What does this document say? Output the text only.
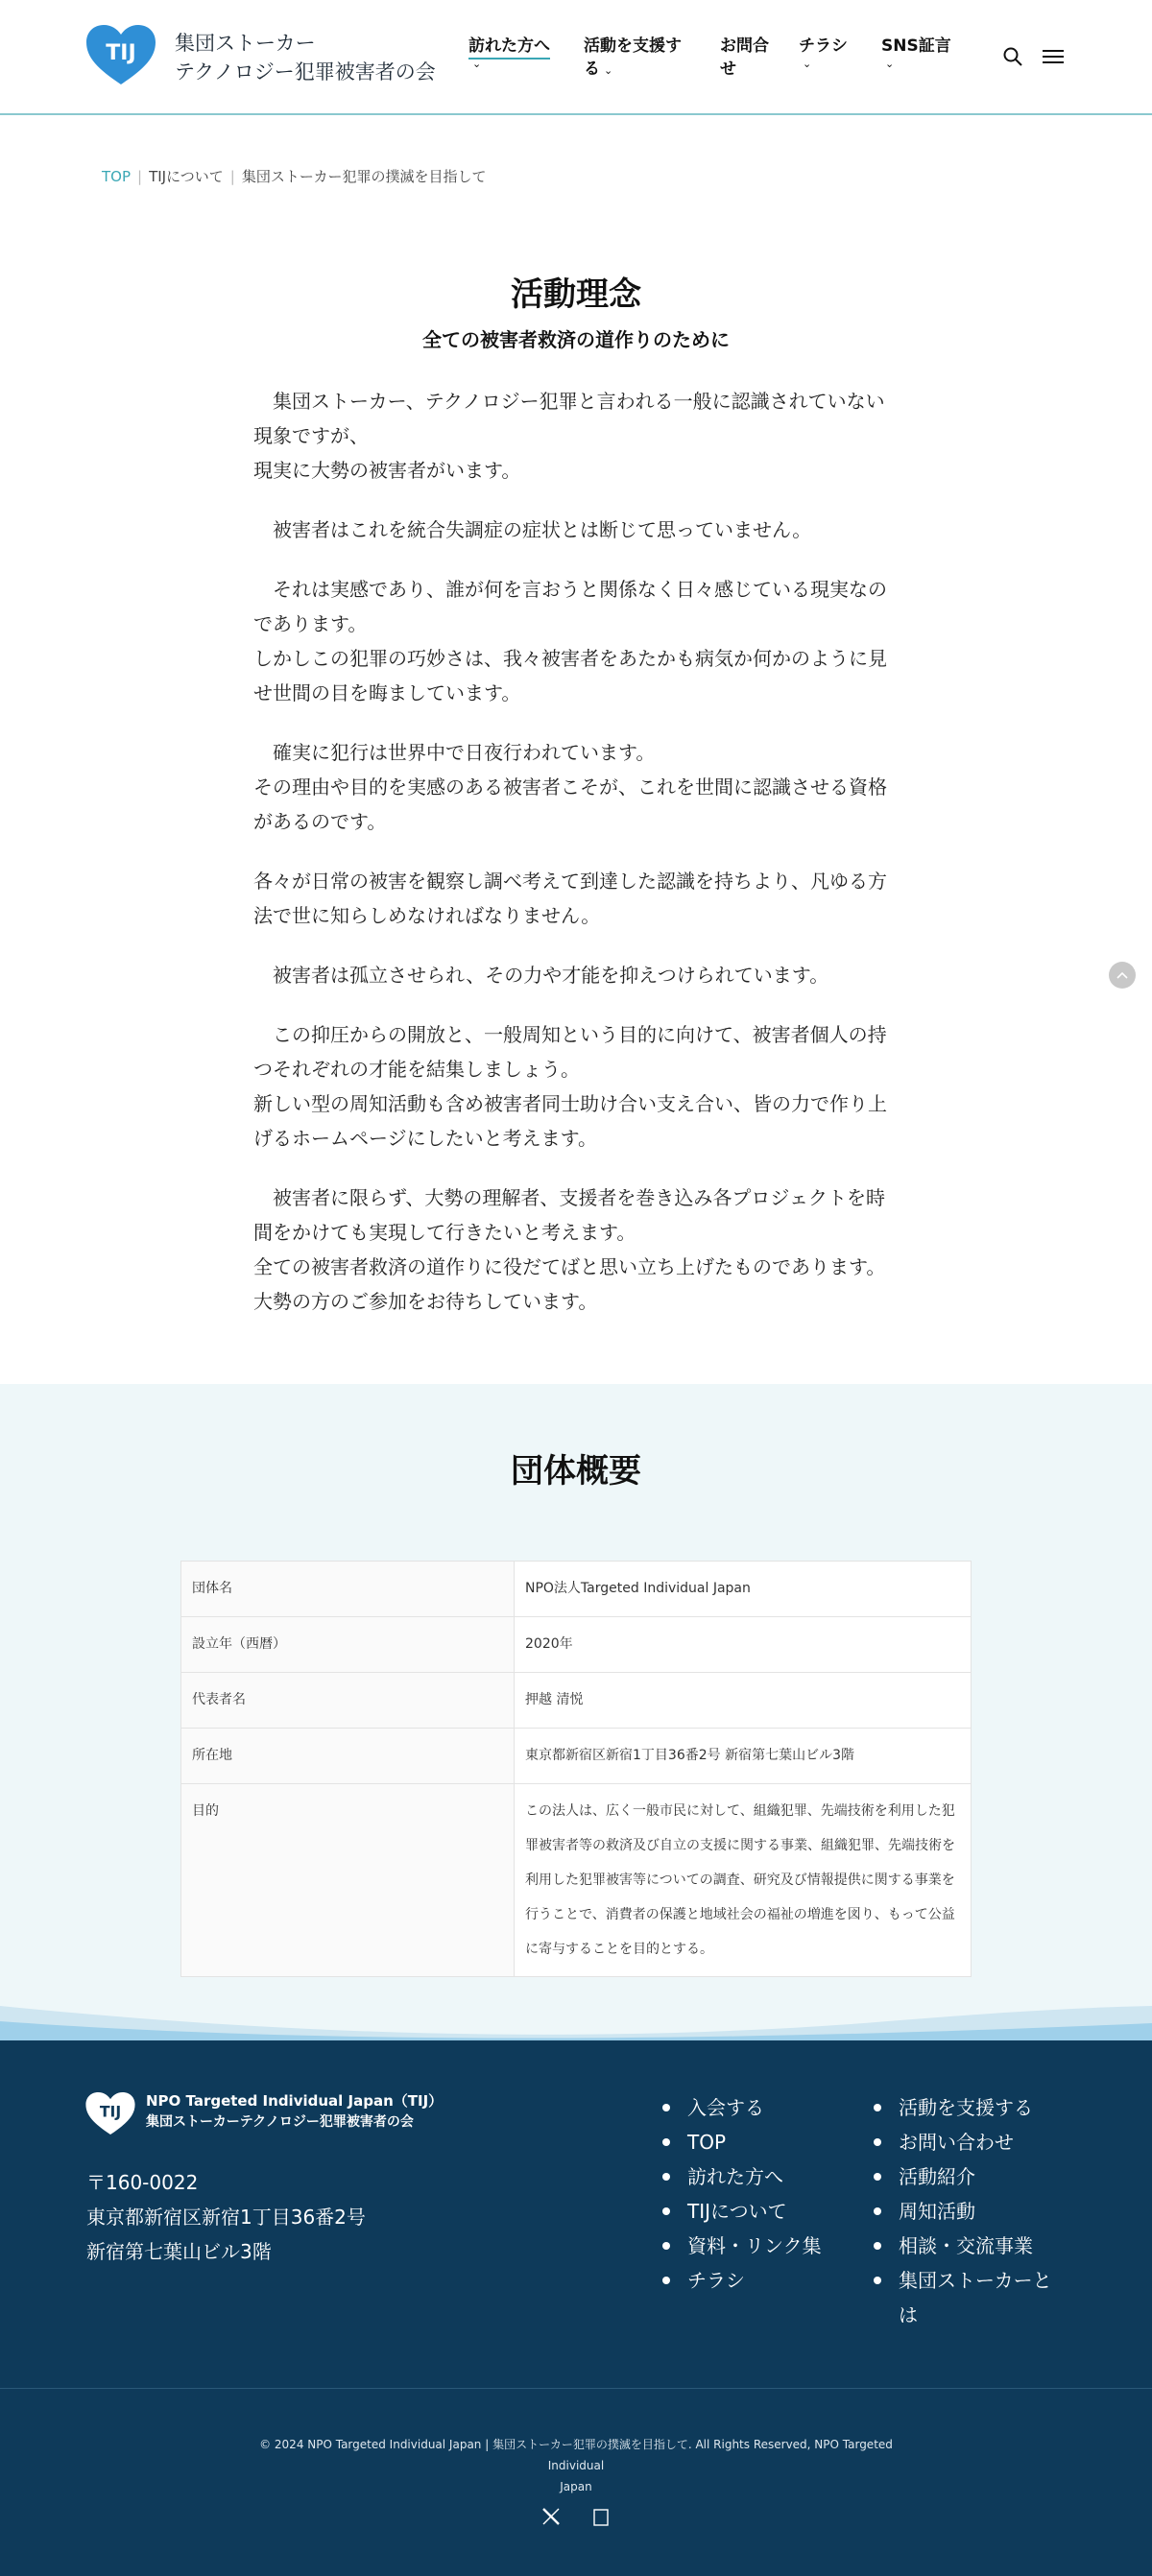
TIJ 集団ストーカー
テクノロジー犯罪被害者の会
訪れた方へ
⌄
活動を支援す
る ⌄
お問合
せ
チラシ
⌄
SNS証言
⌄
TOP | TIJについて | 集団ストーカー犯罪の撲滅を目指して
活動理念
全ての被害者救済の道作りのために

　集団ストーカー、テクノロジー犯罪と言われる一般に認識されていない
現象ですが、
現実に大勢の被害者がいます。

　被害者はこれを統合失調症の症状とは断じて思っていません。

　それは実感であり、誰が何を言おうと関係なく日々感じている現実なの
であります。
しかしこの犯罪の巧妙さは、我々被害者をあたかも病気か何かのように見
せ世間の目を晦ましています。

　確実に犯行は世界中で日夜行われています。
その理由や目的を実感のある被害者こそが、これを世間に認識させる資格
があるのです。

各々が日常の被害を観察し調べ考えて到達した認識を持ちより、凡ゆる方
法で世に知らしめなければなりません。

　被害者は孤立させられ、その力や才能を抑えつけられています。

　この抑圧からの開放と、一般周知という目的に向けて、被害者個人の持
つそれぞれの才能を結集しましょう。
新しい型の周知活動も含め被害者同士助け合い支え合い、皆の力で作り上
げるホームページにしたいと考えます。

　被害者に限らず、大勢の理解者、支援者を巻き込み各プロジェクトを時
間をかけても実現して行きたいと考えます。
全ての被害者救済の道作りに役だてばと思い立ち上げたものであります。
大勢の方のご参加をお待ちしています。

団体概要
団体名	NPO法人Targeted Individual Japan
設立年（西暦）	2020年
代表者名	押越 清悦
所在地	東京都新宿区新宿1丁目36番2号 新宿第七葉山ビル3階
目的	この法人は、広く一般市民に対して、組織犯罪、先端技術を利用した犯罪被害者等の救済及び自立の支援に関する事業、組織犯罪、先端技術を利用した犯罪被害等についての調査、研究及び情報提供に関する事業を行うことで、消費者の保護と地域社会の福祉の増進を図り、もって公益に寄与することを目的とする。
TIJ
NPO Targeted Individual Japan（TIJ）
集団ストーカーテクノロジー犯罪被害者の会
〒160-0022
東京都新宿区新宿1丁目36番2号
新宿第七葉山ビル3階
入会する
TOP
訪れた方へ
TIJについて
資料・リンク集
チラシ
活動を支援する
お問い合わせ
活動紹介
周知活動
相談・交流事業
集団ストーカーと
は
© 2024 NPO Targeted Individual Japan | 集団ストーカー犯罪の撲滅を目指して. All Rights Reserved, NPO Targeted Individual
Japan
